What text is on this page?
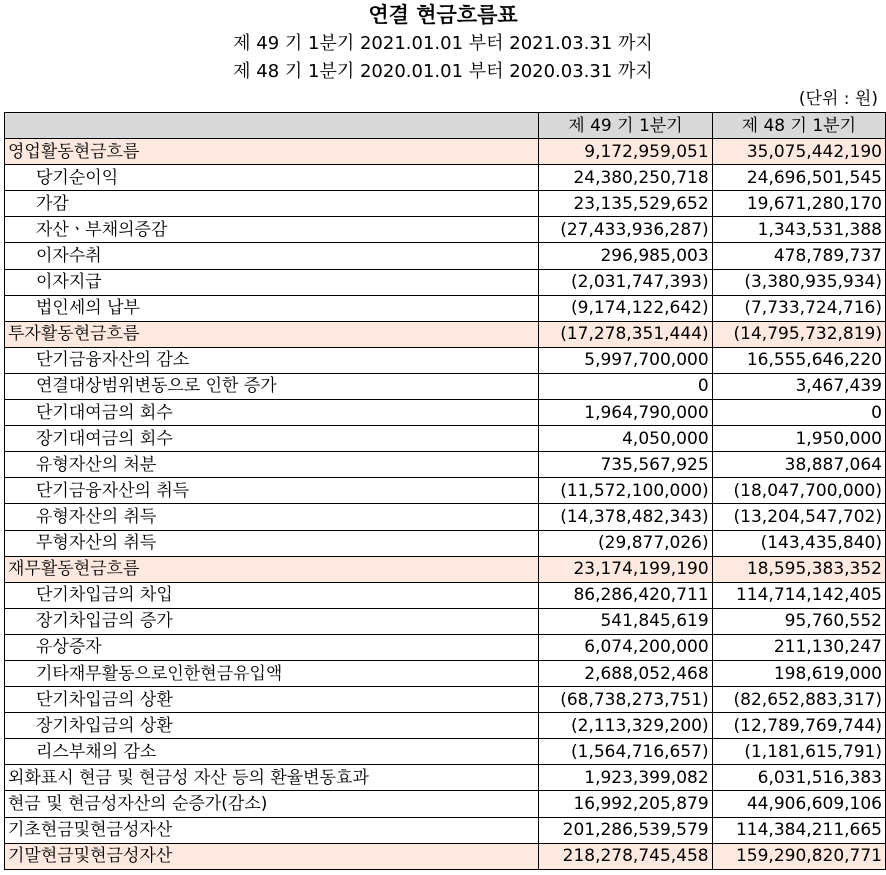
연결 현금흐름표
제 49 기 1분기 2021.01.01 부터 2021.03.31 까지
제 48 기 1분기 2020.01.01 부터 2020.03.31 까지
(단위 : 원)
	제 49 기 1분기	제 48 기 1분기
영업활동현금흐름	9,172,959,051	35,075,442,190
당기순이익	24,380,250,718	24,696,501,545
가감	23,135,529,652	19,671,280,170
자산ㆍ부채의증감	(27,433,936,287)	1,343,531,388
이자수취	296,985,003	478,789,737
이자지급	(2,031,747,393)	(3,380,935,934)
법인세의 납부	(9,174,122,642)	(7,733,724,716)
투자활동현금흐름	(17,278,351,444)	(14,795,732,819)
단기금융자산의 감소	5,997,700,000	16,555,646,220
연결대상범위변동으로 인한 증가	0	3,467,439
단기대여금의 회수	1,964,790,000	0
장기대여금의 회수	4,050,000	1,950,000
유형자산의 처분	735,567,925	38,887,064
단기금융자산의 취득	(11,572,100,000)	(18,047,700,000)
유형자산의 취득	(14,378,482,343)	(13,204,547,702)
무형자산의 취득	(29,877,026)	(143,435,840)
재무활동현금흐름	23,174,199,190	18,595,383,352
단기차입금의 차입	86,286,420,711	114,714,142,405
장기차입금의 증가	541,845,619	95,760,552
유상증자	6,074,200,000	211,130,247
기타재무활동으로인한현금유입액	2,688,052,468	198,619,000
단기차입금의 상환	(68,738,273,751)	(82,652,883,317)
장기차입금의 상환	(2,113,329,200)	(12,789,769,744)
리스부채의 감소	(1,564,716,657)	(1,181,615,791)
외화표시 현금 및 현금성 자산 등의 환율변동효과	1,923,399,082	6,031,516,383
현금 및 현금성자산의 순증가(감소)	16,992,205,879	44,906,609,106
기초현금및현금성자산	201,286,539,579	114,384,211,665
기말현금및현금성자산	218,278,745,458	159,290,820,771
